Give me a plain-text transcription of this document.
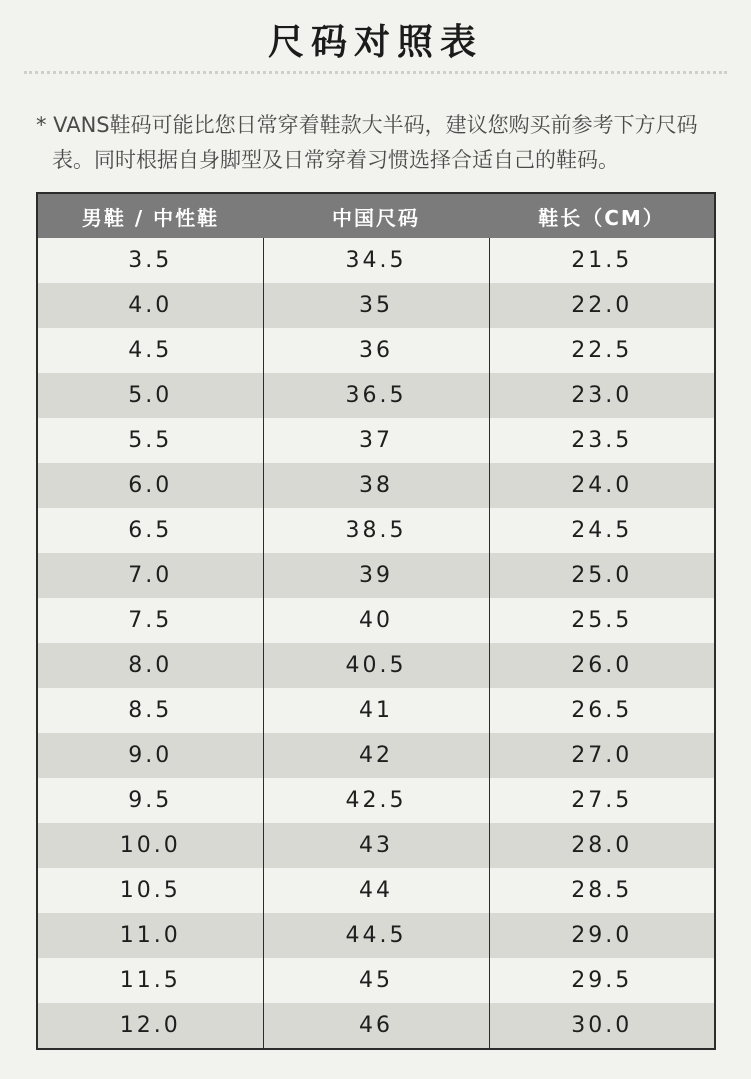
尺码对照表
* VANS鞋码可能比您日常穿着鞋款大半码，建议您购买前参考下方尺码
表。同时根据自身脚型及日常穿着习惯选择合适自己的鞋码。
男鞋 / 中性鞋	中国尺码	鞋长（CM）
3.5	34.5	21.5
4.0	35	22.0
4.5	36	22.5
5.0	36.5	23.0
5.5	37	23.5
6.0	38	24.0
6.5	38.5	24.5
7.0	39	25.0
7.5	40	25.5
8.0	40.5	26.0
8.5	41	26.5
9.0	42	27.0
9.5	42.5	27.5
10.0	43	28.0
10.5	44	28.5
11.0	44.5	29.0
11.5	45	29.5
12.0	46	30.0
